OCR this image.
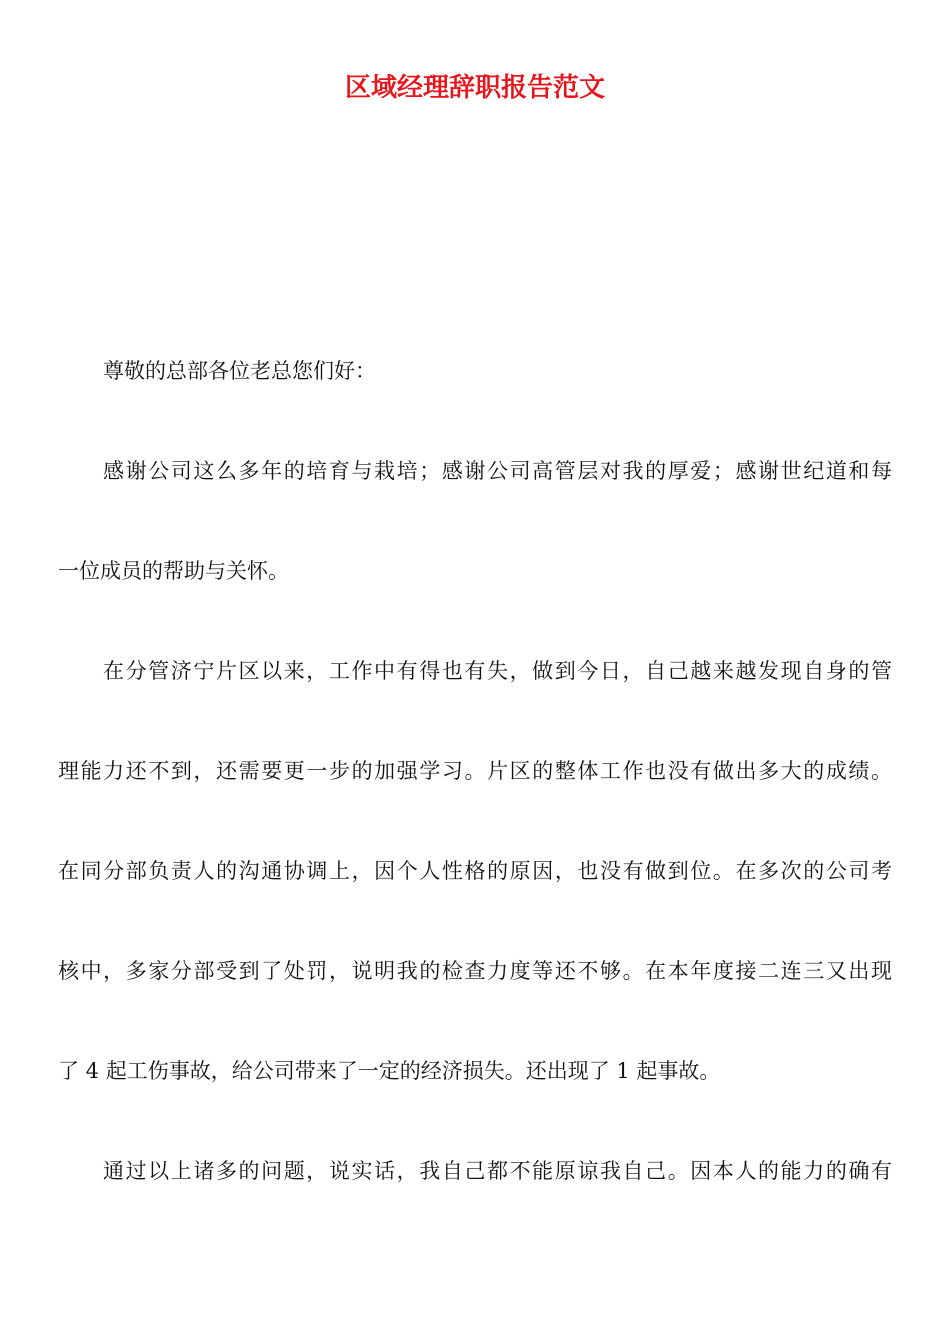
区域经理辞职报告范文
尊敬的总部各位老总您们好：
感谢公司这么多年的培育与栽培；感谢公司高管层对我的厚爱；感谢世纪道和每
一位成员的帮助与关怀。
在分管济宁片区以来，工作中有得也有失，做到今日，自己越来越发现自身的管
理能力还不到，还需要更一步的加强学习。片区的整体工作也没有做出多大的成绩。
在同分部负责人的沟通协调上，因个人性格的原因，也没有做到位。在多次的公司考
核中，多家分部受到了处罚，说明我的检查力度等还不够。在本年度接二连三又出现
了 4 起工伤事故，给公司带来了一定的经济损失。还出现了 1 起事故。
通过以上诸多的问题，说实话，我自己都不能原谅我自己。因本人的能力的确有
